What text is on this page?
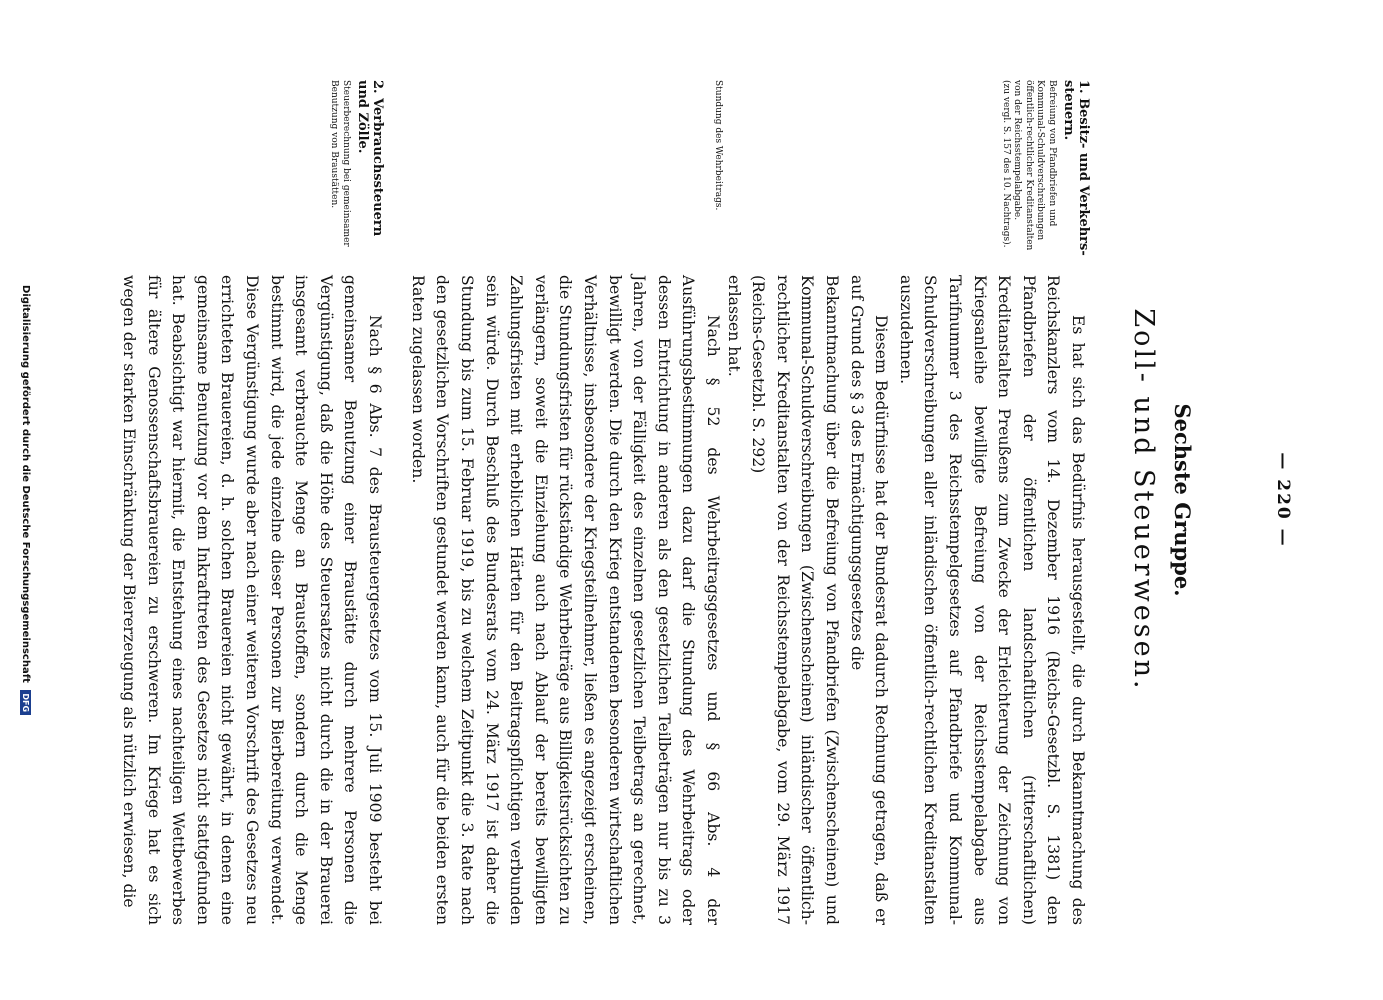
— 220 —
Sechste Gruppe.
Zoll- und Steuerwesen.
1. Besitz- und Verkehrs-steuern.
Befreiung von Pfandbriefen und Kommunal-Schuldverschreibungen öffentlich-rechtlicher Kreditanstalten von der Reichsstempelabgabe.
(zu vergl. S. 157 des 10. Nachtrags).

Es hat sich das Bedürfnis herausgestellt, die durch Bekanntmachung des Reichskanzlers vom 14. Dezember 1916 (Reichs-Gesetzbl. S. 1381) den Pfandbriefen der öffentlichen landschaftlichen (ritterschaftlichen) Kreditanstalten Preußens zum Zwecke der Erleichterung der Zeichnung von Kriegsanleihe bewilligte Befreiung von der Reichsstempelabgabe aus Tarifnummer 3 des Reichsstempelgesetzes auf Pfandbriefe und Kommunal-Schuldverschreibungen aller inländischen öffentlich-rechtlichen Kreditanstalten auszudehnen.

Diesem Bedürfnisse hat der Bundesrat dadurch Rechnung getragen, daß er auf Grund des § 3 des Ermächtigungsgesetzes die

Bekanntmachung über die Befreiung von Pfandbriefen (Zwischenscheinen) und Kommunal-Schuldverschreibungen (Zwischenscheinen) inländischer öffentlich-rechtlicher Kreditanstalten von der Reichsstempelabgabe, vom 29. März 1917 (Reichs-Gesetzbl. S. 292)

erlassen hat.

Stundung des Wehrbeitrags.

Nach § 52 des Wehrbeitragsgesetzes und § 66 Abs. 4 der Ausführungsbestimmungen dazu darf die Stundung des Wehrbeitrags oder dessen Entrichtung in anderen als den gesetzlichen Teilbeträgen nur bis zu 3 Jahren, von der Fälligkeit des einzelnen gesetzlichen Teilbetrags an gerechnet, bewilligt werden. Die durch den Krieg entstandenen besonderen wirtschaftlichen Verhältnisse, insbesondere der Kriegsteilnehmer, ließen es angezeigt erscheinen, die Stundungsfristen für rückständige Wehrbeiträge aus Billigkeitsrücksichten zu verlängern, soweit die Einziehung auch nach Ablauf der bereits bewilligten Zahlungsfristen mit erheblichen Härten für den Beitragspflichtigen verbunden sein würde. Durch Beschluß des Bundesrats vom 24. März 1917 ist daher die Stundung bis zum 15. Februar 1919, bis zu welchem Zeitpunkt die 3. Rate nach den gesetzlichen Vorschriften gestundet werden kann, auch für die beiden ersten Raten zugelassen worden.

2. Verbrauchssteuern und Zölle.
Steuerberechnung bei gemeinsamer Benutzung von Braustätten.

Nach § 6 Abs. 7 des Brausteuergesetzes vom 15. Juli 1909 besteht bei gemeinsamer Benutzung einer Braustätte durch mehrere Personen die Vergünstigung, daß die Höhe des Steuersatzes nicht durch die in der Brauerei insgesamt verbrauchte Menge an Braustoffen, sondern durch die Menge bestimmt wird, die jede einzelne dieser Personen zur Bierbereitung verwendet. Diese Vergünstigung wurde aber nach einer weiteren Vorschrift des Gesetzes neu errichteten Brauereien, d. h. solchen Brauereien nicht gewährt, in denen eine gemeinsame Benutzung vor dem Inkrafttreten des Gesetzes nicht stattgefunden hat. Beabsichtigt war hiermit, die Entstehung eines nachteiligen Wettbewerbes für ältere Genossenschaftsbrauereien zu erschweren. Im Kriege hat es sich wegen der starken Einschränkung der Biererzeugung als nützlich erwiesen, die

Digitalisierung gefördert durch die Deutsche Forschungsgemeinschaft DFG
